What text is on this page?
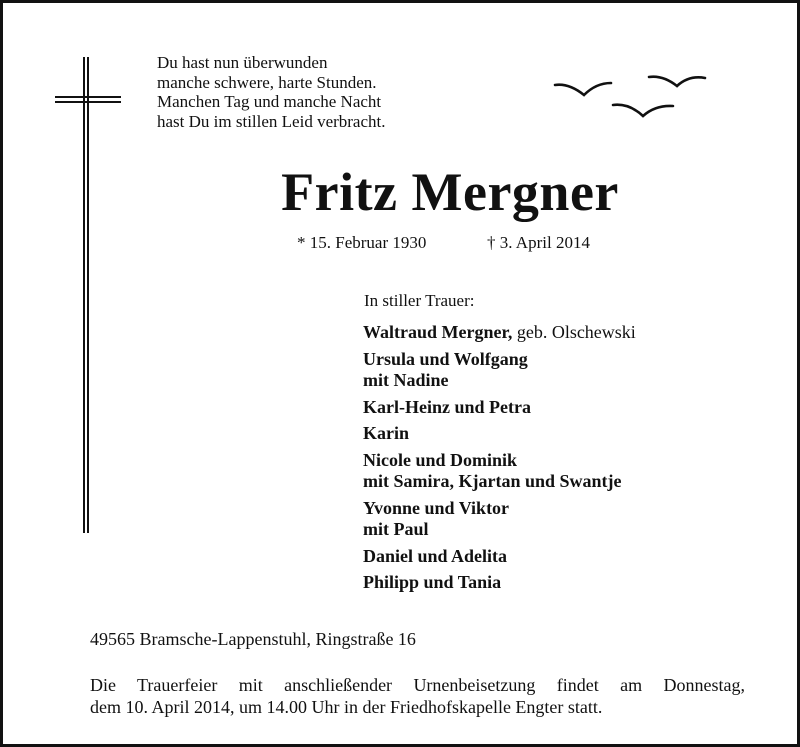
Du hast nun überwunden
manche schwere, harte Stunden.
Manchen Tag und manche Nacht
hast Du im stillen Leid verbracht.
Fritz Mergner
* 15. Februar 1930	† 3. April 2014
In stiller Trauer:
Waltraud Mergner, geb. Olschewski
Ursula und Wolfgang
mit Nadine
Karl-Heinz und Petra
Karin
Nicole und Dominik
mit Samira, Kjartan und Swantje
Yvonne und Viktor
mit Paul
Daniel und Adelita
Philipp und Tania
49565 Bramsche-Lappenstuhl, Ringstraße 16
Die Trauerfeier mit anschließender Urnenbeisetzung findet am Donnestag,
dem 10. April 2014, um 14.00 Uhr in der Friedhofskapelle Engter statt.
